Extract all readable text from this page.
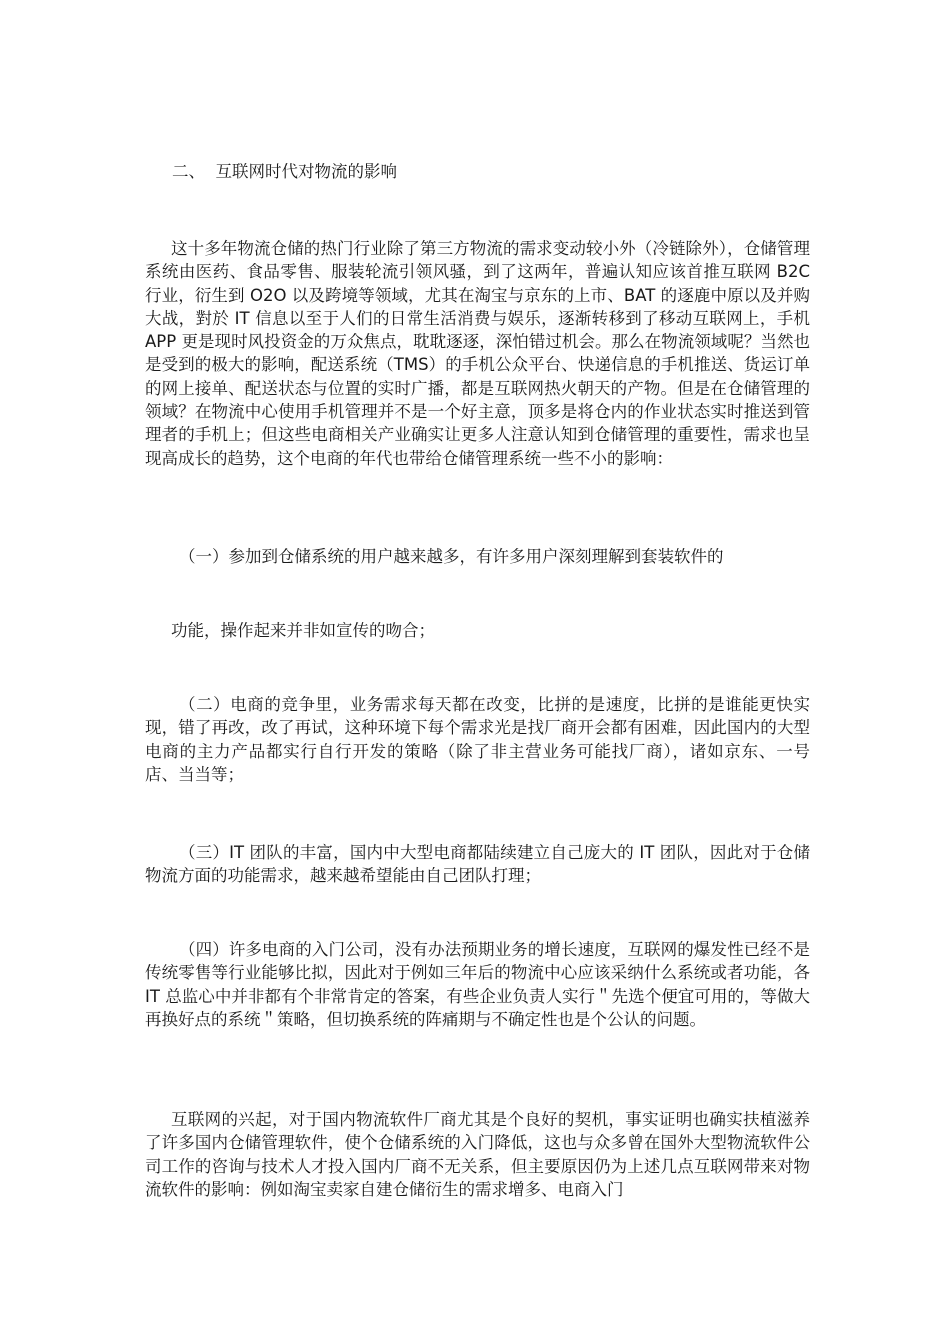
二、  互联网时代对物流的影响

这十多年物流仓储的热门行业除了第三方物流的需求变动较小外（冷链除外），仓储管理系统由医药、食品零售、服装轮流引领风骚，到了这两年，普遍认知应该首推互联网 B2C 行业，衍生到 O2O 以及跨境等领域，尤其在淘宝与京东的上市、BAT 的逐鹿中原以及并购大战，對於 IT 信息以至于人们的日常生活消费与娱乐，逐渐转移到了移动互联网上，手机 APP 更是现时风投资金的万众焦点，耽耽逐逐，深怕错过机会。那么在物流领域呢？当然也是受到的极大的影响，配送系统（TMS）的手机公众平台、快递信息的手机推送、货运订单的网上接单、配送状态与位置的实时广播，都是互联网热火朝天的产物。但是在仓储管理的领域？在物流中心使用手机管理并不是一个好主意，顶多是将仓内的作业状态实时推送到管理者的手机上；但这些电商相关产业确实让更多人注意认知到仓储管理的重要性，需求也呈现高成长的趋势，这个电商的年代也带给仓储管理系统一些不小的影响：

（一）参加到仓储系统的用户越来越多，有许多用户深刻理解到套装软件的

功能，操作起来并非如宣传的吻合；

（二）电商的竞争里，业务需求每天都在改变，比拼的是速度，比拼的是谁能更快实现，错了再改，改了再试，这种环境下每个需求光是找厂商开会都有困难，因此国内的大型电商的主力产品都实行自行开发的策略（除了非主营业务可能找厂商），诸如京东、一号店、当当等；

（三）IT 团队的丰富，国内中大型电商都陆续建立自己庞大的 IT 团队，因此对于仓储物流方面的功能需求，越来越希望能由自己团队打理；

（四）许多电商的入门公司，没有办法预期业务的增长速度，互联网的爆发性已经不是传统零售等行业能够比拟，因此对于例如三年后的物流中心应该采纳什么系统或者功能，各 IT 总监心中并非都有个非常肯定的答案，有些企业负责人实行＂先选个便宜可用的，等做大再换好点的系统＂策略，但切换系统的阵痛期与不确定性也是个公认的问题。

互联网的兴起，对于国内物流软件厂商尤其是个良好的契机，事实证明也确实扶植滋养了许多国内仓储管理软件，使个仓储系统的入门降低，这也与众多曾在国外大型物流软件公司工作的咨询与技术人才投入国内厂商不无关系，但主要原因仍为上述几点互联网带来对物流软件的影响：例如淘宝卖家自建仓储衍生的需求增多、电商入门
